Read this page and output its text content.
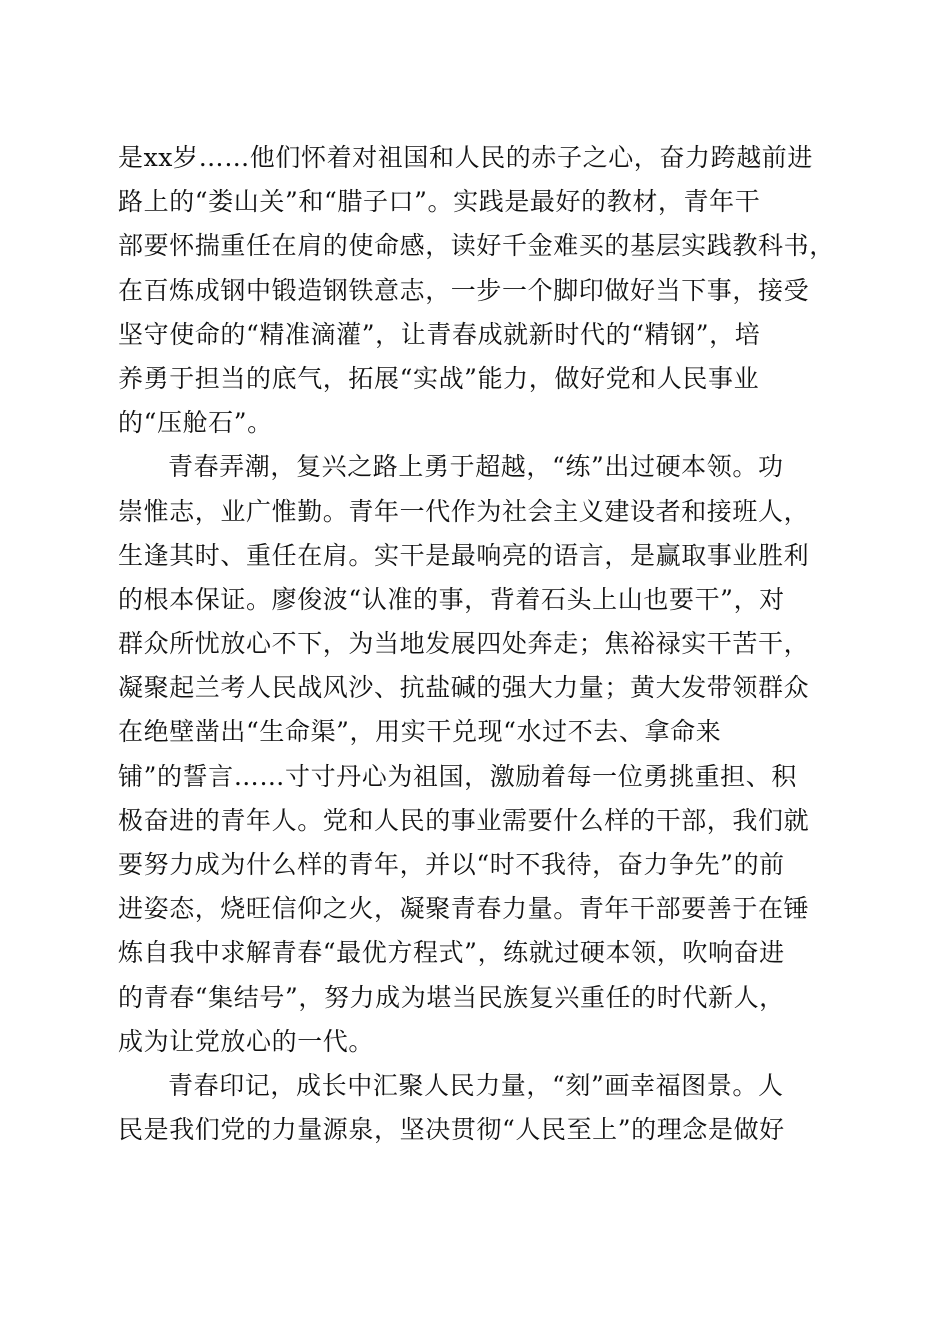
是xx岁……他们怀着对祖国和人民的赤子之心，奋力跨越前进
路上的“娄山关”和“腊子口”。实践是最好的教材，青年干
部要怀揣重任在肩的使命感，读好千金难买的基层实践教科书，
在百炼成钢中锻造钢铁意志，一步一个脚印做好当下事，接受
坚守使命的“精准滴灌”，让青春成就新时代的“精钢”，培
养勇于担当的底气，拓展“实战”能力，做好党和人民事业
的“压舱石”。
青春弄潮，复兴之路上勇于超越，“练”出过硬本领。功
崇惟志，业广惟勤。青年一代作为社会主义建设者和接班人，
生逢其时、重任在肩。实干是最响亮的语言，是赢取事业胜利
的根本保证。廖俊波“认准的事，背着石头上山也要干”，对
群众所忧放心不下，为当地发展四处奔走；焦裕禄实干苦干，
凝聚起兰考人民战风沙、抗盐碱的强大力量；黄大发带领群众
在绝壁凿出“生命渠”，用实干兑现“水过不去、拿命来
铺”的誓言……寸寸丹心为祖国，激励着每一位勇挑重担、积
极奋进的青年人。党和人民的事业需要什么样的干部，我们就
要努力成为什么样的青年，并以“时不我待，奋力争先”的前
进姿态，烧旺信仰之火，凝聚青春力量。青年干部要善于在锤
炼自我中求解青春“最优方程式”，练就过硬本领，吹响奋进
的青春“集结号”，努力成为堪当民族复兴重任的时代新人，
成为让党放心的一代。
青春印记，成长中汇聚人民力量，“刻”画幸福图景。人
民是我们党的力量源泉，坚决贯彻“人民至上”的理念是做好
